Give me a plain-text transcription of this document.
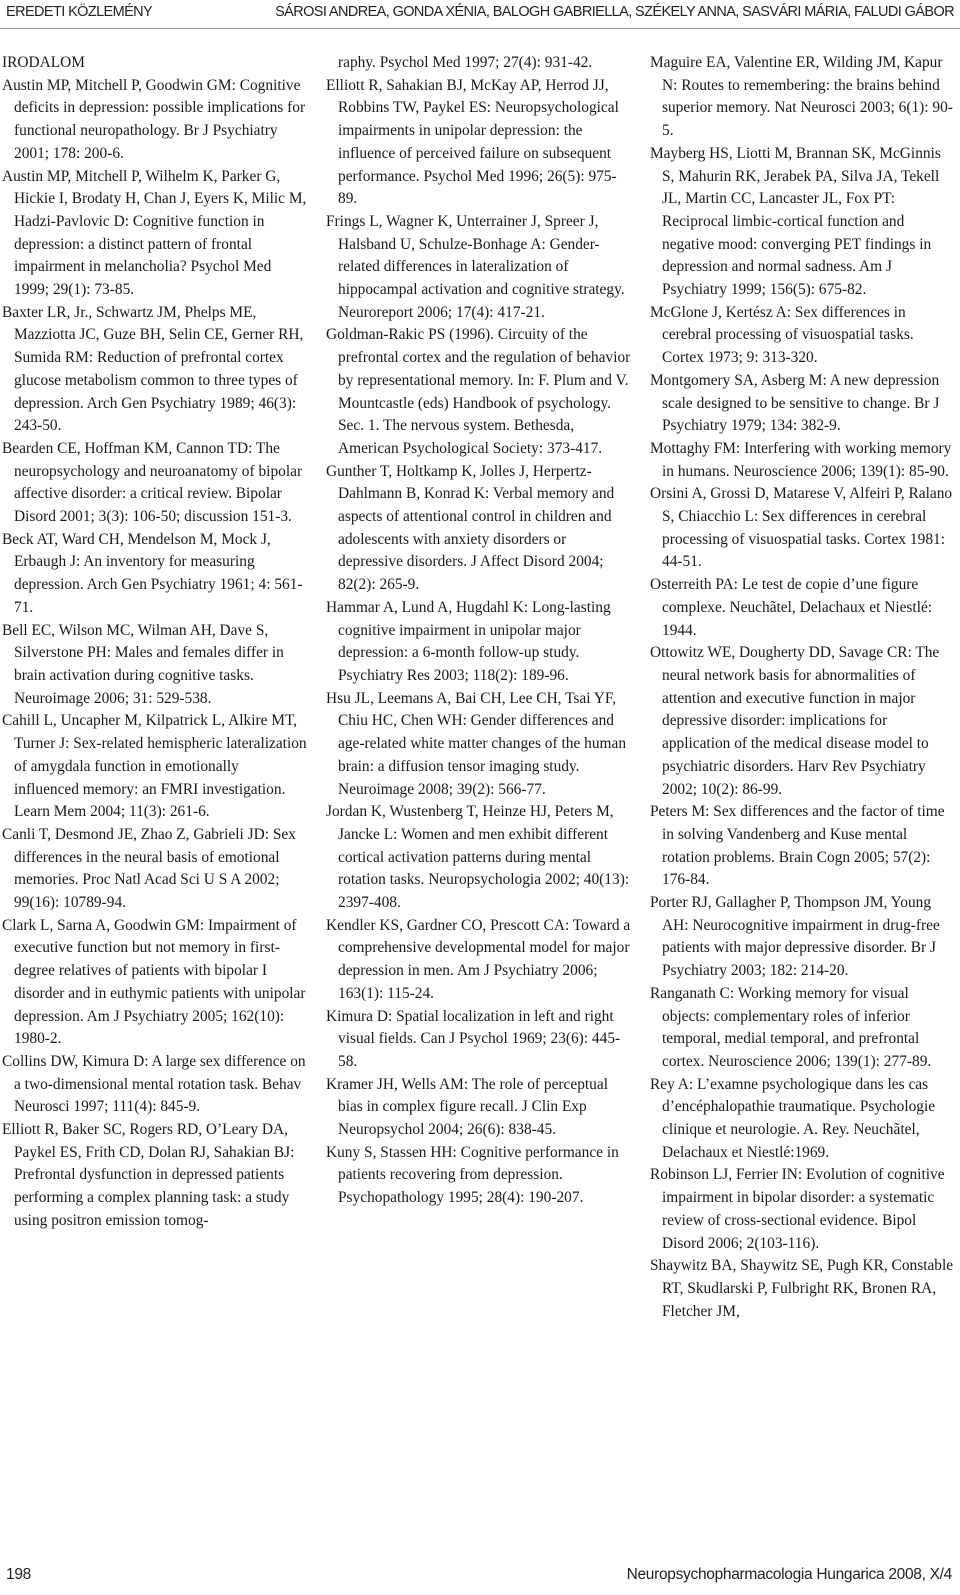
EREDETI KÖZLEMÉNY	SÁROSI ANDREA, GONDA XÉNIA, BALOGH GABRIELLA, SZÉKELY ANNA, SASVÁRI MÁRIA, FALUDI GÁBOR

IRODALOM

Austin MP, Mitchell P, Goodwin GM: Cognitive deficits in depression: possible implications for functional neuropathology. Br J Psychiatry 2001; 178: 200-6.

Austin MP, Mitchell P, Wilhelm K, Parker G, Hickie I, Brodaty H, Chan J, Eyers K, Milic M, Hadzi-Pavlovic D: Cognitive function in depression: a distinct pattern of frontal impairment in melancholia? Psychol Med 1999; 29(1): 73-85.

Baxter LR, Jr., Schwartz JM, Phelps ME, Mazziotta JC, Guze BH, Selin CE, Gerner RH, Sumida RM: Reduction of prefrontal cortex glucose metabolism common to three types of depression. Arch Gen Psychiatry 1989; 46(3): 243-50.

Bearden CE, Hoffman KM, Cannon TD: The neuropsychology and neuroanatomy of bipolar affective disorder: a critical review. Bipolar Disord 2001; 3(3): 106-50; discussion 151-3.

Beck AT, Ward CH, Mendelson M, Mock J, Erbaugh J: An inventory for measuring depression. Arch Gen Psychiatry 1961; 4: 561-71.

Bell EC, Wilson MC, Wilman AH, Dave S, Silverstone PH: Males and females differ in brain activation during cognitive tasks. Neuroimage 2006; 31: 529-538.

Cahill L, Uncapher M, Kilpatrick L, Alkire MT, Turner J: Sex-related hemispheric lateralization of amygdala function in emotionally influenced memory: an FMRI investigation. Learn Mem 2004; 11(3): 261-6.

Canli T, Desmond JE, Zhao Z, Gabrieli JD: Sex differences in the neural basis of emotional memories. Proc Natl Acad Sci U S A 2002; 99(16): 10789-94.

Clark L, Sarna A, Goodwin GM: Impairment of executive function but not memory in first-degree relatives of patients with bipolar I disorder and in euthymic patients with unipolar depression. Am J Psychiatry 2005; 162(10): 1980-2.

Collins DW, Kimura D: A large sex difference on a two-dimensional mental rotation task. Behav Neurosci 1997; 111(4): 845-9.

Elliott R, Baker SC, Rogers RD, O’Leary DA, Paykel ES, Frith CD, Dolan RJ, Sahakian BJ: Prefrontal dysfunction in depressed patients performing a complex planning task: a study using positron emission tomog-

raphy. Psychol Med 1997; 27(4): 931-42.

Elliott R, Sahakian BJ, McKay AP, Herrod JJ, Robbins TW, Paykel ES: Neuropsychological impairments in unipolar depression: the influence of perceived failure on subsequent performance. Psychol Med 1996; 26(5): 975-89.

Frings L, Wagner K, Unterrainer J, Spreer J, Halsband U, Schulze-Bonhage A: Gender-related differences in lateralization of hippocampal activation and cognitive strategy. Neuroreport 2006; 17(4): 417-21.

Goldman-Rakic PS (1996). Circuity of the prefrontal cortex and the regulation of behavior by representational memory. In: F. Plum and V. Mountcastle (eds) Handbook of psychology. Sec. 1. The nervous system. Bethesda, American Psychological Society: 373-417.

Gunther T, Holtkamp K, Jolles J, Herpertz-Dahlmann B, Konrad K: Verbal memory and aspects of attentional control in children and adolescents with anxiety disorders or depressive disorders. J Affect Disord 2004; 82(2): 265-9.

Hammar A, Lund A, Hugdahl K: Long-lasting cognitive impairment in unipolar major depression: a 6-month follow-up study. Psychiatry Res 2003; 118(2): 189-96.

Hsu JL, Leemans A, Bai CH, Lee CH, Tsai YF, Chiu HC, Chen WH: Gender differences and age-related white matter changes of the human brain: a diffusion tensor imaging study. Neuroimage 2008; 39(2): 566-77.

Jordan K, Wustenberg T, Heinze HJ, Peters M, Jancke L: Women and men exhibit different cortical activation patterns during mental rotation tasks. Neuropsychologia 2002; 40(13): 2397-408.

Kendler KS, Gardner CO, Prescott CA: Toward a comprehensive developmental model for major depression in men. Am J Psychiatry 2006; 163(1): 115-24.

Kimura D: Spatial localization in left and right visual fields. Can J Psychol 1969; 23(6): 445-58.

Kramer JH, Wells AM: The role of perceptual bias in complex figure recall. J Clin Exp Neuropsychol 2004; 26(6): 838-45.

Kuny S, Stassen HH: Cognitive performance in patients recovering from depression. Psychopathology 1995; 28(4): 190-207.

Maguire EA, Valentine ER, Wilding JM, Kapur N: Routes to remembering: the brains behind superior memory. Nat Neurosci 2003; 6(1): 90-5.

Mayberg HS, Liotti M, Brannan SK, McGinnis S, Mahurin RK, Jerabek PA, Silva JA, Tekell JL, Martin CC, Lancaster JL, Fox PT: Reciprocal limbic-cortical function and negative mood: converging PET findings in depression and normal sadness. Am J Psychiatry 1999; 156(5): 675-82.

McGlone J, Kertész A: Sex differences in cerebral processing of visuospatial tasks. Cortex 1973; 9: 313-320.

Montgomery SA, Asberg M: A new depression scale designed to be sensitive to change. Br J Psychiatry 1979; 134: 382-9.

Mottaghy FM: Interfering with working memory in humans. Neuroscience 2006; 139(1): 85-90.

Orsini A, Grossi D, Matarese V, Alfeiri P, Ralano S, Chiacchio L: Sex differences in cerebral processing of visuospatial tasks. Cortex 1981: 44-51.

Osterreith PA: Le test de copie d’une figure complexe. Neuchãtel, Delachaux et Niestlé: 1944.

Ottowitz WE, Dougherty DD, Savage CR: The neural network basis for abnormalities of attention and executive function in major depressive disorder: implications for application of the medical disease model to psychiatric disorders. Harv Rev Psychiatry 2002; 10(2): 86-99.

Peters M: Sex differences and the factor of time in solving Vandenberg and Kuse mental rotation problems. Brain Cogn 2005; 57(2): 176-84.

Porter RJ, Gallagher P, Thompson JM, Young AH: Neurocognitive impairment in drug-free patients with major depressive disorder. Br J Psychiatry 2003; 182: 214-20.

Ranganath C: Working memory for visual objects: complementary roles of inferior temporal, medial temporal, and prefrontal cortex. Neuroscience 2006; 139(1): 277-89.

Rey A: L’examne psychologique dans les cas d’encéphalopathie traumatique. Psychologie clinique et neurologie. A. Rey. Neuchãtel, Delachaux et Niestlé:1969.

Robinson LJ, Ferrier IN: Evolution of cognitive impairment in bipolar disorder: a systematic review of cross-sectional evidence. Bipol Disord 2006; 2(103-116).

Shaywitz BA, Shaywitz SE, Pugh KR, Constable RT, Skudlarski P, Fulbright RK, Bronen RA, Fletcher JM,

198	Neuropsychopharmacologia Hungarica 2008, X/4
